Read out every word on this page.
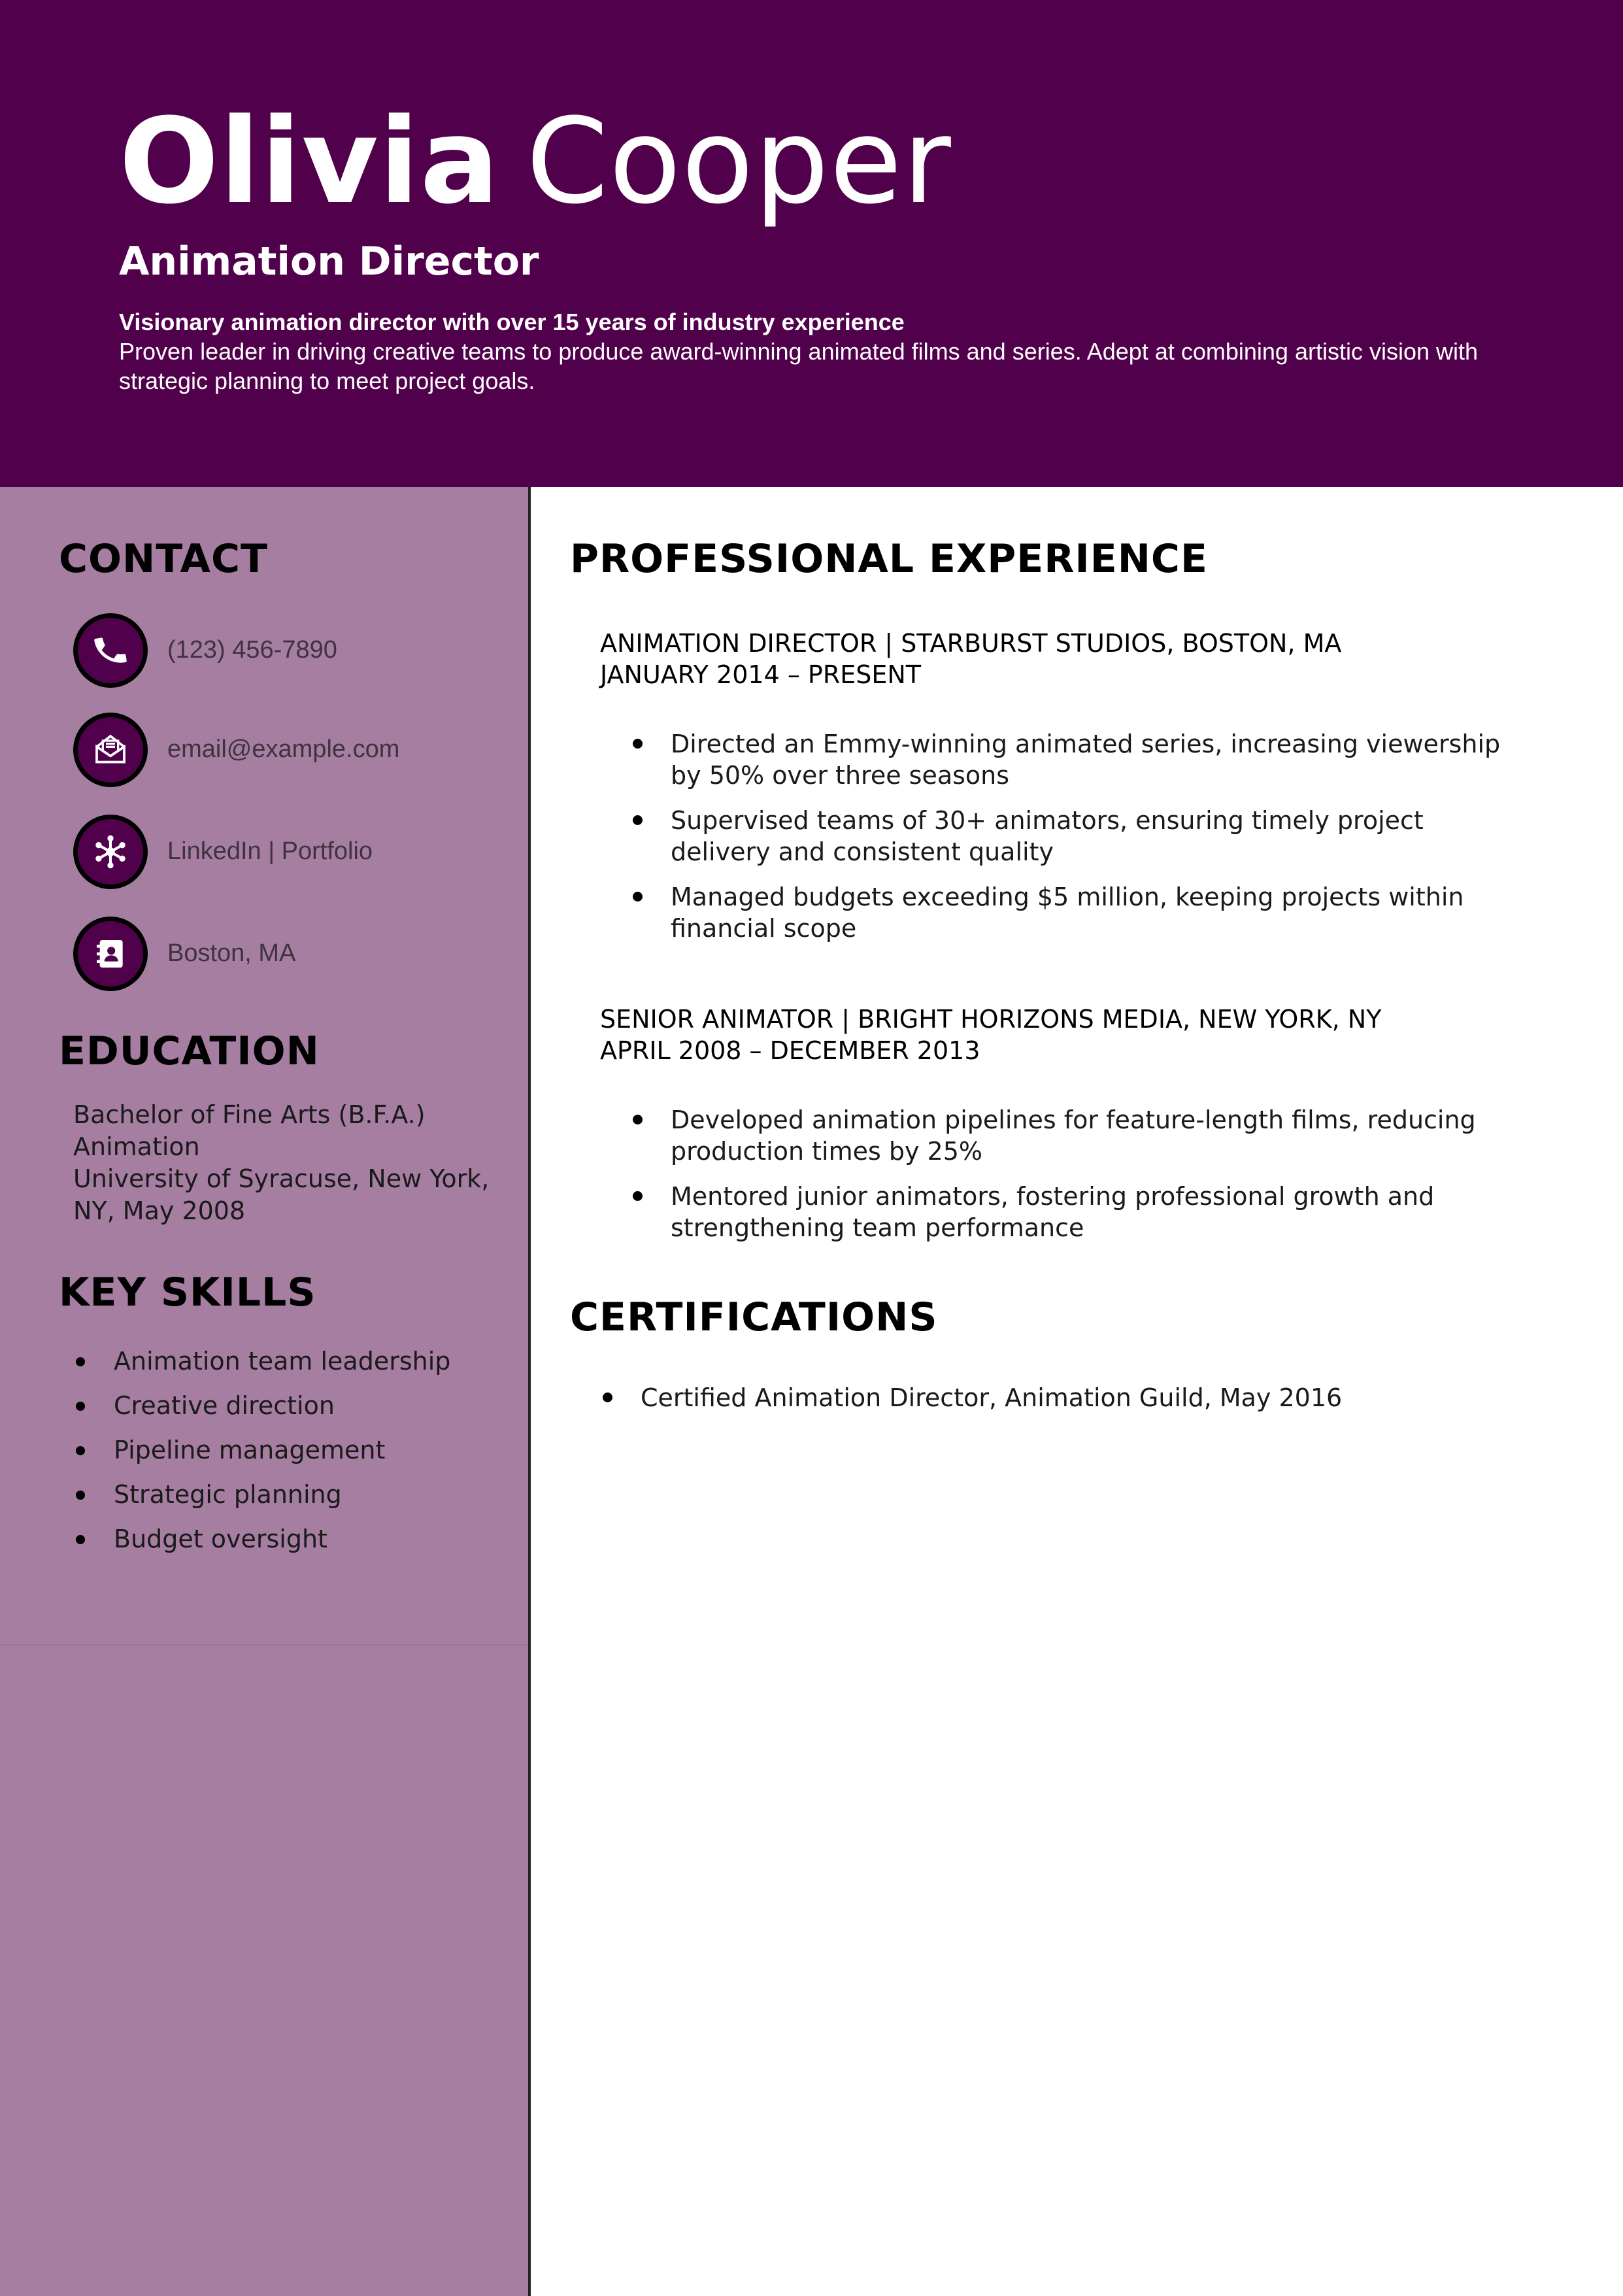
Olivia Cooper
Animation Director

Visionary animation director with over 15 years of industry experience

Proven leader in driving creative teams to produce award-winning animated films and series. Adept at combining artistic vision with strategic planning to meet project goals.

CONTACT
(123) 456-7890
email@example.com
LinkedIn | Portfolio
Boston, MA
EDUCATION
Bachelor of Fine Arts (B.F.A.)
Animation
University of Syracuse, New York,
NY, May 2008
KEY SKILLS
Animation team leadership
Creative direction
Pipeline management
Strategic planning
Budget oversight
PROFESSIONAL EXPERIENCE

ANIMATION DIRECTOR | STARBURST STUDIOS, BOSTON, MA

JANUARY 2014 – PRESENT

Directed an Emmy-winning animated series, increasing viewership by 50% over three seasons
Supervised teams of 30+ animators, ensuring timely project delivery and consistent quality
Managed budgets exceeding $5 million, keeping projects within financial scope

SENIOR ANIMATOR | BRIGHT HORIZONS MEDIA, NEW YORK, NY

APRIL 2008 – DECEMBER 2013

Developed animation pipelines for feature-length films, reducing production times by 25%
Mentored junior animators, fostering professional growth and strengthening team performance
CERTIFICATIONS
Certified Animation Director, Animation Guild, May 2016
